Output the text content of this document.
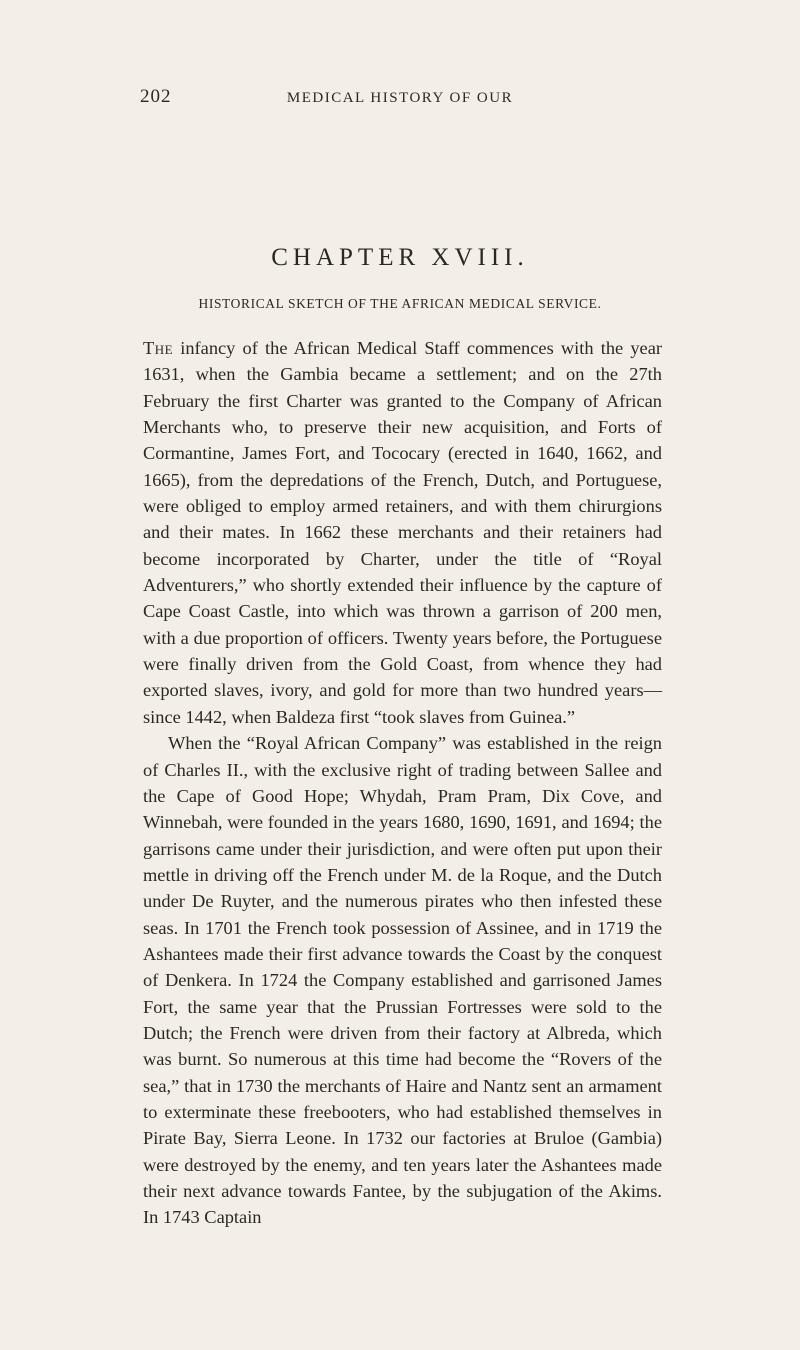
202	MEDICAL HISTORY OF OUR
CHAPTER XVIII.
HISTORICAL SKETCH OF THE AFRICAN MEDICAL SERVICE.

The infancy of the African Medical Staff commences with the year 1631, when the Gambia became a settlement; and on the 27th February the first Charter was granted to the Company of African Merchants who, to preserve their new acquisition, and Forts of Cormantine, James Fort, and Tococary (erected in 1640, 1662, and 1665), from the depredations of the French, Dutch, and Portuguese, were obliged to employ armed retainers, and with them chirurgions and their mates. In 1662 these merchants and their retainers had become incorporated by Charter, under the title of “Royal Adventurers,” who shortly extended their influence by the capture of Cape Coast Castle, into which was thrown a garrison of 200 men, with a due proportion of officers. Twenty years before, the Portuguese were finally driven from the Gold Coast, from whence they had exported slaves, ivory, and gold for more than two hundred years—since 1442, when Baldeza first “took slaves from Guinea.”

When the “Royal African Company” was established in the reign of Charles II., with the exclusive right of trading between Sallee and the Cape of Good Hope; Whydah, Pram Pram, Dix Cove, and Winnebah, were founded in the years 1680, 1690, 1691, and 1694; the garrisons came under their jurisdiction, and were often put upon their mettle in driving off the French under M. de la Roque, and the Dutch under De Ruyter, and the numerous pirates who then infested these seas. In 1701 the French took possession of Assinee, and in 1719 the Ashantees made their first advance towards the Coast by the conquest of Denkera. In 1724 the Company established and garrisoned James Fort, the same year that the Prussian Fortresses were sold to the Dutch; the French were driven from their factory at Albreda, which was burnt. So numerous at this time had become the “Rovers of the sea,” that in 1730 the merchants of Haire and Nantz sent an armament to exterminate these freebooters, who had established themselves in Pirate Bay, Sierra Leone. In 1732 our factories at Bruloe (Gambia) were destroyed by the enemy, and ten years later the Ashantees made their next advance towards Fantee, by the subjugation of the Akims. In 1743 Captain
